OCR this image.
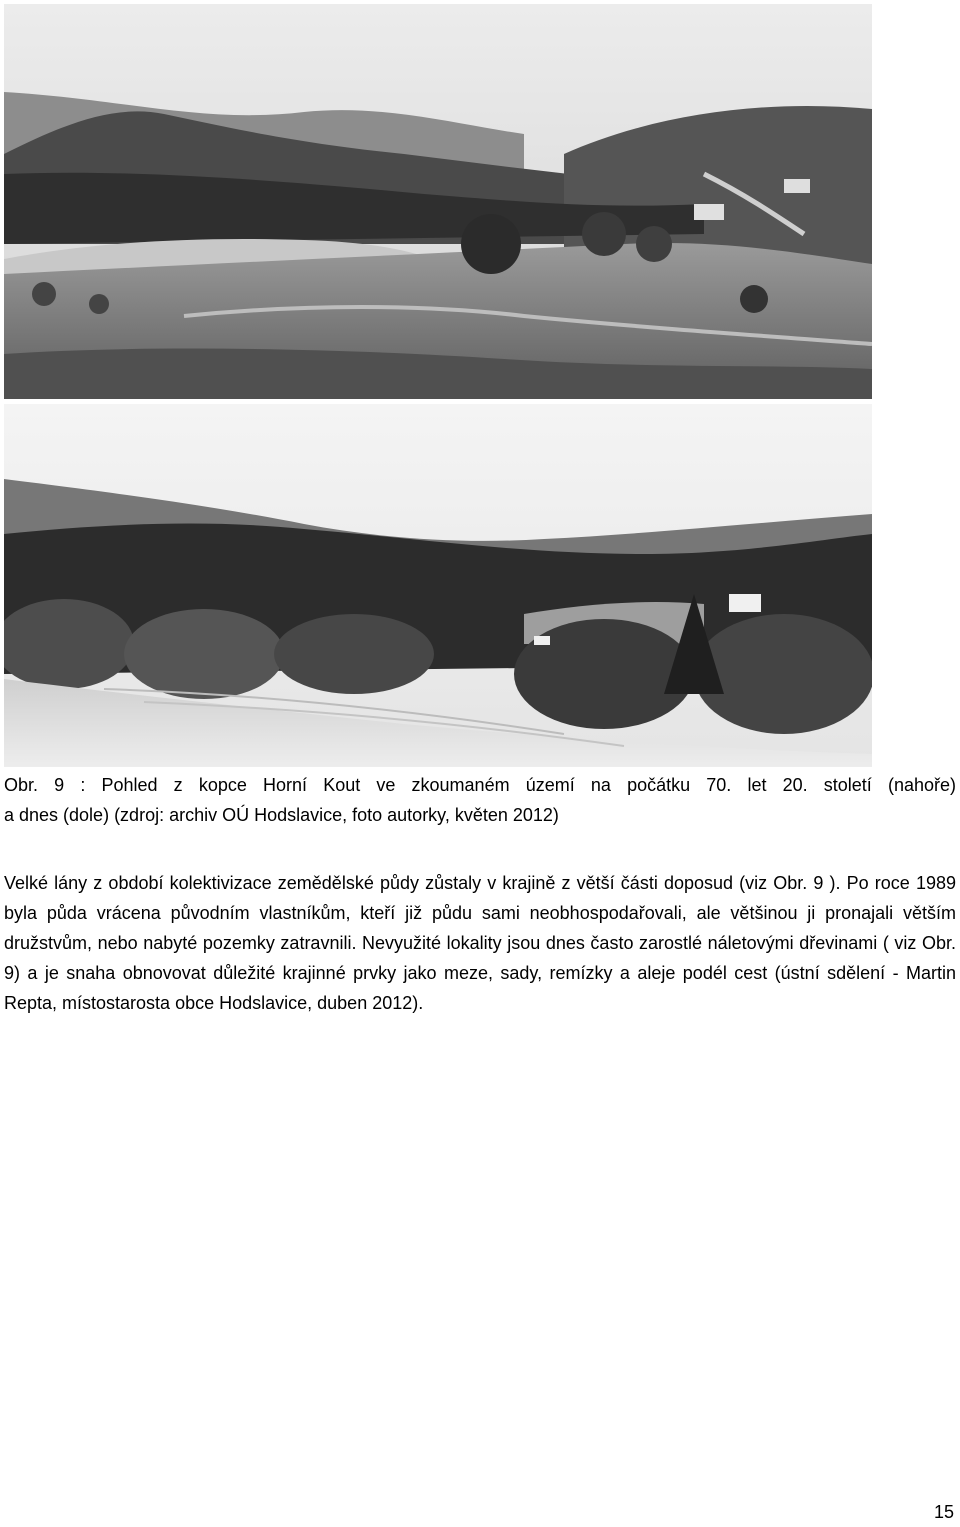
Obr. 9 : Pohled z kopce Horní Kout ve zkoumaném území na počátku 70. let 20. století (nahoře)
a dnes (dole) (zdroj: archiv OÚ Hodslavice, foto autorky, květen 2012)
Velké lány z období kolektivizace zemědělské půdy zůstaly v krajině z větší části doposud (viz Obr. 9 ). Po roce 1989 byla půda vrácena původním vlastníkům, kteří již půdu sami neobhospodařovali, ale většinou ji pronajali větším družstvům, nebo nabyté pozemky zatravnili. Nevyužité lokality jsou dnes často zarostlé náletovými dřevinami ( viz Obr. 9) a je snaha obnovovat důležité krajinné prvky jako meze, sady, remízky a aleje podél cest (ústní sdělení - Martin Repta, místostarosta obce Hodslavice, duben 2012).
15
